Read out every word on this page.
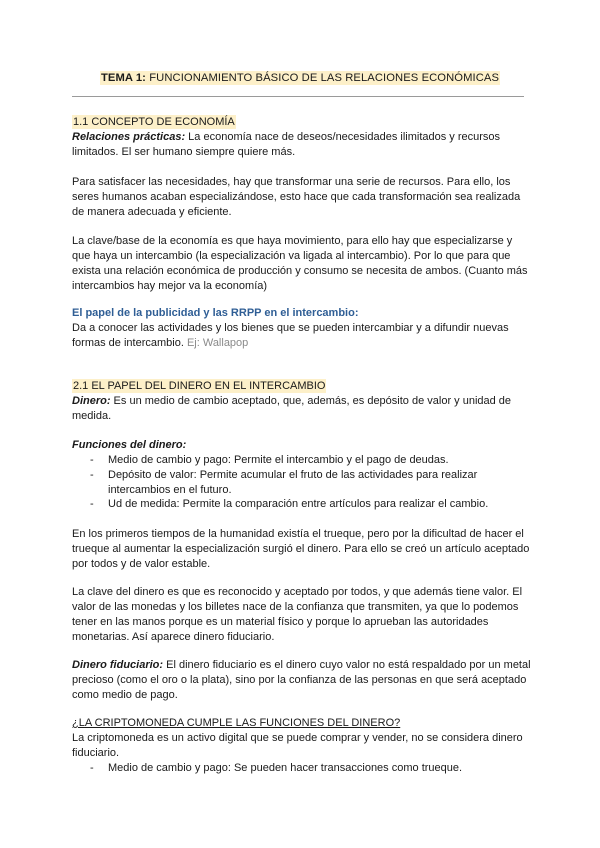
TEMA 1: FUNCIONAMIENTO BÁSICO DE LAS RELACIONES ECONÓMICAS
1.1 CONCEPTO DE ECONOMÍA
Relaciones prácticas: La economía nace de deseos/necesidades ilimitados y recursos limitados. El ser humano siempre quiere más.
Para satisfacer las necesidades, hay que transformar una serie de recursos. Para ello, los seres humanos acaban especializándose, esto hace que cada transformación sea realizada de manera adecuada y eficiente.
La clave/base de la economía es que haya movimiento, para ello hay que especializarse y que haya un intercambio (la especialización va ligada al intercambio). Por lo que para que exista una relación económica de producción y consumo se necesita de ambos. (Cuanto más intercambios hay mejor va la economía)
El papel de la publicidad y las RRPP en el intercambio:
Da a conocer las actividades y los bienes que se pueden intercambiar y a difundir nuevas formas de intercambio. Ej: Wallapop
2.1 EL PAPEL DEL DINERO EN EL INTERCAMBIO
Dinero: Es un medio de cambio aceptado, que, además, es depósito de valor y unidad de medida.
Funciones del dinero:
-	Medio de cambio y pago: Permite el intercambio y el pago de deudas.
-	Depósito de valor: Permite acumular el fruto de las actividades para realizar intercambios en el futuro.
-	Ud de medida: Permite la comparación entre artículos para realizar el cambio.
En los primeros tiempos de la humanidad existía el trueque, pero por la dificultad de hacer el trueque al aumentar la especialización surgió el dinero. Para ello se creó un artículo aceptado por todos y de valor estable.
La clave del dinero es que es reconocido y aceptado por todos, y que además tiene valor. El valor de las monedas y los billetes nace de la confianza que transmiten, ya que lo podemos tener en las manos porque es un material físico y porque lo aprueban las autoridades monetarias. Así aparece dinero fiduciario.
Dinero fiduciario: El dinero fiduciario es el dinero cuyo valor no está respaldado por un metal precioso (como el oro o la plata), sino por la confianza de las personas en que será aceptado como medio de pago.
¿LA CRIPTOMONEDA CUMPLE LAS FUNCIONES DEL DINERO?
La criptomoneda es un activo digital que se puede comprar y vender, no se considera dinero fiduciario.
-	Medio de cambio y pago: Se pueden hacer transacciones como trueque.
